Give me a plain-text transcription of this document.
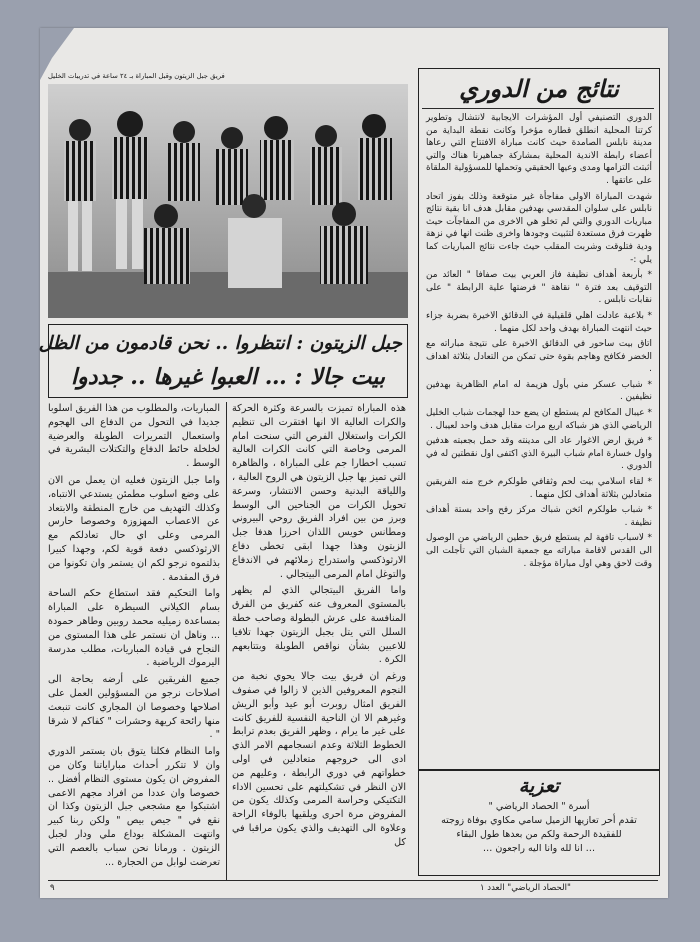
فريق جبل الزيتون وقبل المباراة بـ ٢٤ ساعة في تدريبات الخليل	نتائج من الدوري

الدوري التصنيفي أول المؤشرات الايجابية لانتشال وتطوير كرتنا المحلية انطلق قطاره مؤخرا وكانت نقطة البداية من مدينة نابلس الصامدة حيث كانت مباراة الافتتاح التي رعاها أعضاء رابطة الاندية المحلية بمشاركة جماهيرنا هناك والتي أثبتت التزامها ومدى وعيها الحقيقي وتحملها للمسؤولية الملقاة على عاتقها .

شهدت المباراة الاولى مفاجأة غير متوقعة وذلك بفوز اتحاد نابلس على سلوان المقدسي بهدفين مقابل هدف انا بقية نتائج مباريات الدوري والتي لم تخلو هي الاخرى من المفاجآت حيث ظهرت فرق مستعدة لتثبيت وجودها واخرى ظنت انها في نزهة ودية فتلوقت وشربت المقلب حيث جاءت نتائج المباريات كما يلي :-

* بأربعة أهداف نظيفة فاز العربي بيت صفافا " العائد من التوقيف بعد فترة " نقاهة " فرضتها علية الرابطة " على نقابات نابلس .

* بلاعبة عادلت اهلي قلقيلية في الدقائق الاخيرة بضربة جزاء حيث انتهت المباراة بهدف واحد لكل منهما .

اتاق بيت ساحور في الدقائق الاخيرة على نتيجة مباراته مع الخضر فكافح وهاجم بقوة حتى تمكن من التعادل بثلاثة اهداف .

* شباب عسكر مني بأول هزيمة له امام الظاهرية بهدفين نظيفين .

* عيبال المكافح لم يستطع ان يضع حدا لهجمات شباب الخليل الرياضي الذي هز شباكه اربع مرات مقابل هدف واحد لعيبال .

* فريق ارض الاغوار عاد الى مدينته وقد حمل بجعبته هدفين واول خسارة امام شباب البيرة الذي اكتفى اول نقطتين له في الدوري .

* لقاء اسلامي بيت لحم وثقافي طولكرم خرج منه الفريقين متعادلين بثلاثة أهداف لكل منهما .

* شباب طولكرم اثخن شباك مركز رفح واحد بستة أهداف نظيفة .

* لاسباب تافهة لم يستطع فريق حطين الرياضي من الوصول الى القدس لاقامة مباراته مع جمعية الشبان التي تأجلت الى وقت لاحق وهي اول مباراة مؤجلة .

تعزية
أسرة " الحصاد الرياضي "
تقدم أحر تعازيها الزميل سامي مكاوي بوفاة زوجته
للفقيدة الرحمة ولكم من بعدها طول البقاء
… انا لله وانا اليه راجعون …
جبل الزيتون : انتظروا .. نحن قادمون من الظل
بيت جالا : … العبوا غيرها .. جددوا

المباريات، والمطلوب من هذا الفريق اسلوبا جديدا في التحول من الدفاع الى الهجوم واستعمال التمريرات الطويلة والعرضية لخلخلة حائط الدفاع والتكتلات البشرية في الوسط .

واما جبل الزيتون فعليه ان يعمل من الان على وضع اسلوب مطمئن يستدعي الانتباه، وكذلك التهديف من خارج المنطقة والابتعاد عن الاعصاب المهزوزة وخصوصا حارس المرمى وعلى اي حال تعادلكم مع الارثوذكسي دفعة قوية لكم، وجهدا كبيرا بذلتموه نرجو لكم ان يستمر وان تكونوا من فرق المقدمة .

واما التحكيم فقد استطاع حكم الساحة بسام الكيلاني السيطرة على المباراة بمساعدة زميليه محمد روبين وطاهر حمودة ... وناهل ان نستمر على هذا المستوى من النجاح في قيادة المباريات، مطلب مدرسة اليرموك الرياضية .

جميع الفريقين على أرضه بحاجة الى اصلاحات نرجو من المسؤولين العمل على اصلاحها وخصوصا ان المجاري كانت تنبعث منها رائحة كريهة وحشرات " كفاكم لا شرقا " .

واما النظام فكلنا يتوق بان يستمر الدوري وان لا تتكرر أحداث مباراياتنا وكان من المفروض ان يكون مستوى النظام أفضل .. خصوصا وان عددا من افراد مجهم الاعمى اشتبكوا مع مشجعي جبل الزيتون وكذا ان نقع في " جيص بيص " ولكن ربنا كبير وانتهت المشكلة بوداع ملي ودار لجبل الزيتون . ورمانا نحن سباب بالعصم التي تعرضت لوابل من الحجارة ...

هذه المباراة تميزت بالسرعة وكثرة الحركة والكرات العالية الا انها افتقرت الى تنظيم الكرات واستغلال الفرص التي سنحت امام المرمى وخاصة التي كانت الكرات العالية تسبب اخطارا جم على المباراة ، والظاهرة التي تميز بها جبل الزيتون هي الروح العالية ، واللياقة البدنية وحسن الانتشار، وسرعة تحويل الكرات من الجناحين الى الوسط وبرز من بين افراد الفريق روحي البيروني ومطانس خويس اللذان احرزا هدفا جبل الزيتون وهذا جهدا ابقى تخطى دفاع الارثوذكسي واستدراج زملائهم في الاندفاع والتوغل امام المرمى البيتجالي .

واما الفريق البيتجالي الذي لم يظهر بالمستوى المعروف عنه كفريق من الفرق المنافسة على عرش البطولة وصاحب خطة السلل التي يتل بجبل الزيتون جهدا تلافيا للاعبين بشأن نواقص الطويلة وبتتابعهم الكرة .

ورغم ان فريق بيت جالا يحوي نخبة من النجوم المعروفين الذين لا زالوا في صفوف الفريق امثال روبرت أبو عيد وأبو الريش وغيرهم الا ان الناحية النفسية للفريق كانت على غير ما يرام ، وظهر الفريق بعدم ترابط الخطوط الثلاثة وعدم انسجامهم الامر الذي ادى الى خروجهم متعادلين في اولى خطواتهم في دوري الرابطة ، وعليهم من الان النظر في تشكيلتهم على تحسين الاداء التكتيكي وحراسة المرمى وكذلك يكون من المفروض مرة احرى ويلقيها بالوفاء الراحة وعلاوة الى التهديف والذي يكون مراقبا في كل

٩	"الحصاد الرياضي" العدد ١
